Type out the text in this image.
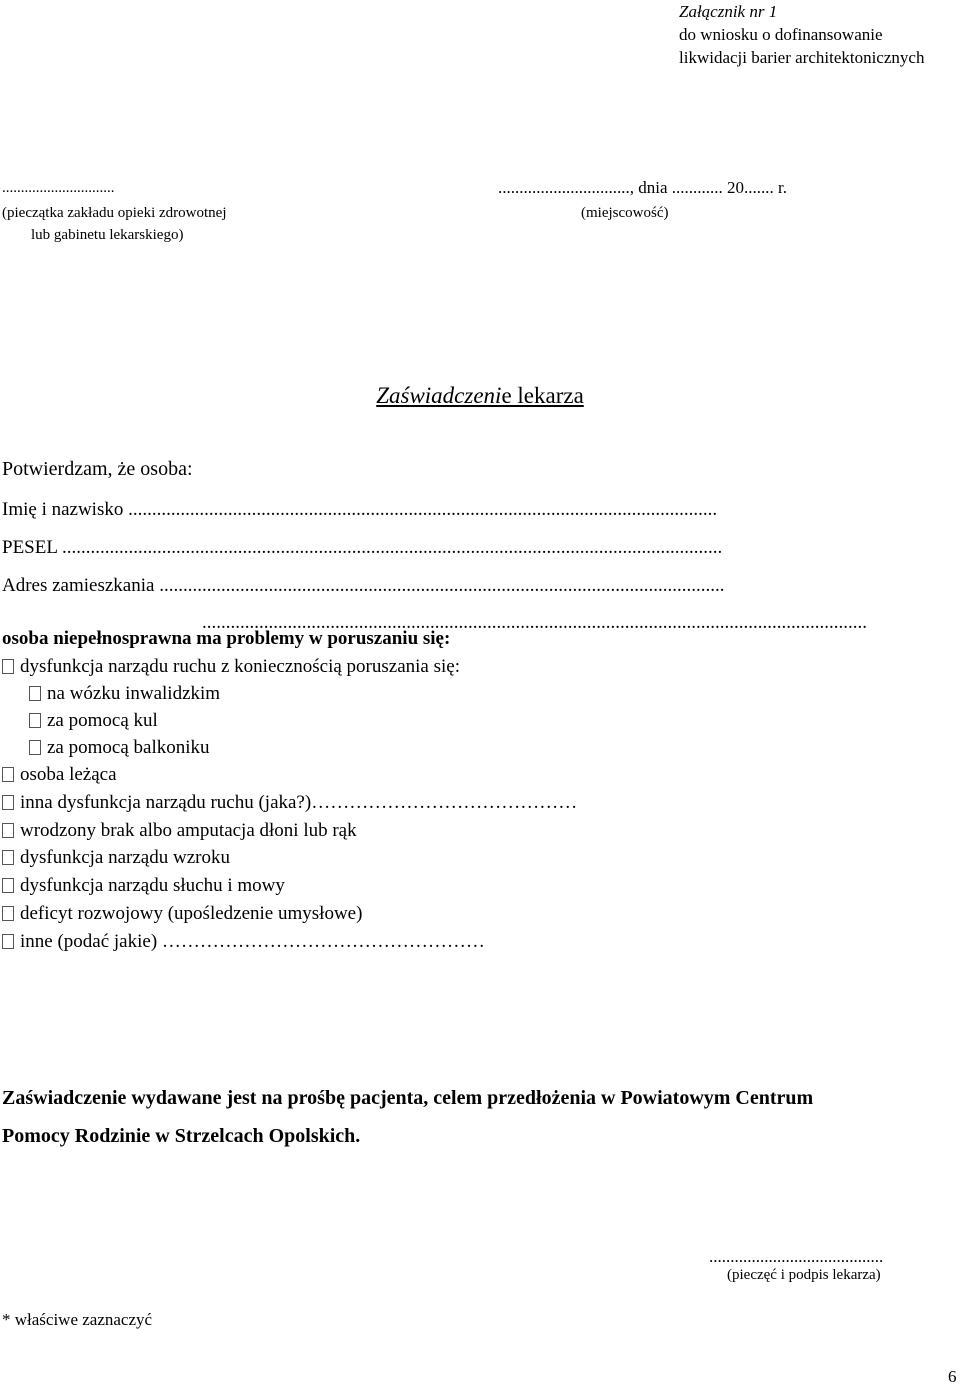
Załącznik nr 1
do wniosku o dofinansowanie
likwidacji barier architektonicznych
..............................	..............................., dnia ............ 20....... r.
(pieczątka zakładu opieki zdrowotnej	(miejscowość)
lub gabinetu lekarskiego)
Zaświadczenie lekarza
Potwierdzam, że osoba:
Imię i nazwisko ............................................................................................................................
PESEL ...........................................................................................................................................
Adres zamieszkania .......................................................................................................................
............................................................................................................................................
osoba niepełnosprawna ma problemy w poruszaniu się:
dysfunkcja narządu ruchu z koniecznością poruszania się:
na wózku inwalidzkim
za pomocą kul
za pomocą balkoniku
osoba leżąca
inna dysfunkcja narządu ruchu (jaka?)……………………………………
wrodzony brak albo amputacja dłoni lub rąk
dysfunkcja narządu wzroku
dysfunkcja narządu słuchu i mowy
deficyt rozwojowy (upośledzenie umysłowe)
inne (podać jakie) ……………………………………………
Zaświadczenie wydawane jest na prośbę pacjenta, celem przedłożenia w Powiatowym Centrum
Pomocy Rodzinie w Strzelcach Opolskich.
.........................................
(pieczęć i podpis lekarza)
* właściwe zaznaczyć
6
